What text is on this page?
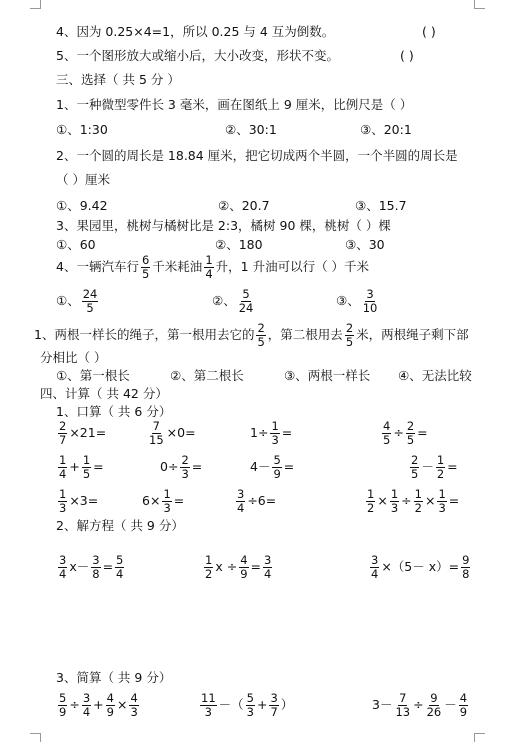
4、因为 0.25×4=1，所以 0.25 与 4 互为倒数。	( )
5、一个图形放大或缩小后，大小改变，形状不变。	( )
三、选择（ 共 5 分 ）
1、一种微型零件长 3 毫米，画在图纸上 9 厘米，比例尺是（ ）
①、1:30	②、30:1	③、20:1
2、一个圆的周长是 18.84 厘米，把它切成两个半圆，一个半圆的周长是
（ ）厘米
①、9.42	②、20.7	③、15.7
3、果园里，桃树与橘树比是 2:3，橘树 90 棵，桃树（ ）棵
①、60	②、180	③、30
4、一辆汽车行 $\frac{6}{5}$ 千米耗油 $\frac{1}{4}$ 升，1 升油可以行（ ）千米
①、 $\frac{24}{5}$	②、 $\frac{5}{24}$	③、 $\frac{3}{10}$
1、两根一样长的绳子，第一根用去它的 $\frac{2}{5}$ ，第二根用去 $\frac{2}{5}$ 米，两根绳子剩下部
分相比（ ）
①、第一根长	②、第二根长	③、两根一样长 ④、无法比较
四、计算（ 共 42 分）
1、口算（ 共 6 分）
$\frac{2}{7} \times 21=$	$\frac{7}{15} \times 0=$	$1\div \frac{1}{3}$ =	$\frac{4}{5} \div \frac{2}{5}$ =
$\frac{1}{4} + \frac{1}{5}$ =	$0\div \frac{2}{3}$ =	$4- \frac{5}{9}$ =	$\frac{2}{5} - \frac{1}{2}$ =
$\frac{1}{3} \times 3=$	$6\times \frac{1}{3}$ =	$\frac{3}{4} \div 6=$	$\frac{1}{2} \times \frac{1}{3} \div \frac{1}{2} \times \frac{1}{3}$ =
2、解方程（ 共 9 分）
$\frac{3}{4} x- \frac{3}{8} = \frac{5}{4}$	$\frac{1}{2}$ $x \div \frac{4}{9} = \frac{3}{4}$	$\frac{3}{4} \times(5- x)= \frac{9}{8}$
3、简算（ 共 9 分）
$\frac{5}{9} \div \frac{3}{4} + \frac{4}{9} \times \frac{4}{3}$	$\frac{11}{3}$ －（ $\frac{5}{3} + \frac{3}{7}$ ）	$3- \frac{7}{13} \div \frac{9}{26} - \frac{4}{9}$
